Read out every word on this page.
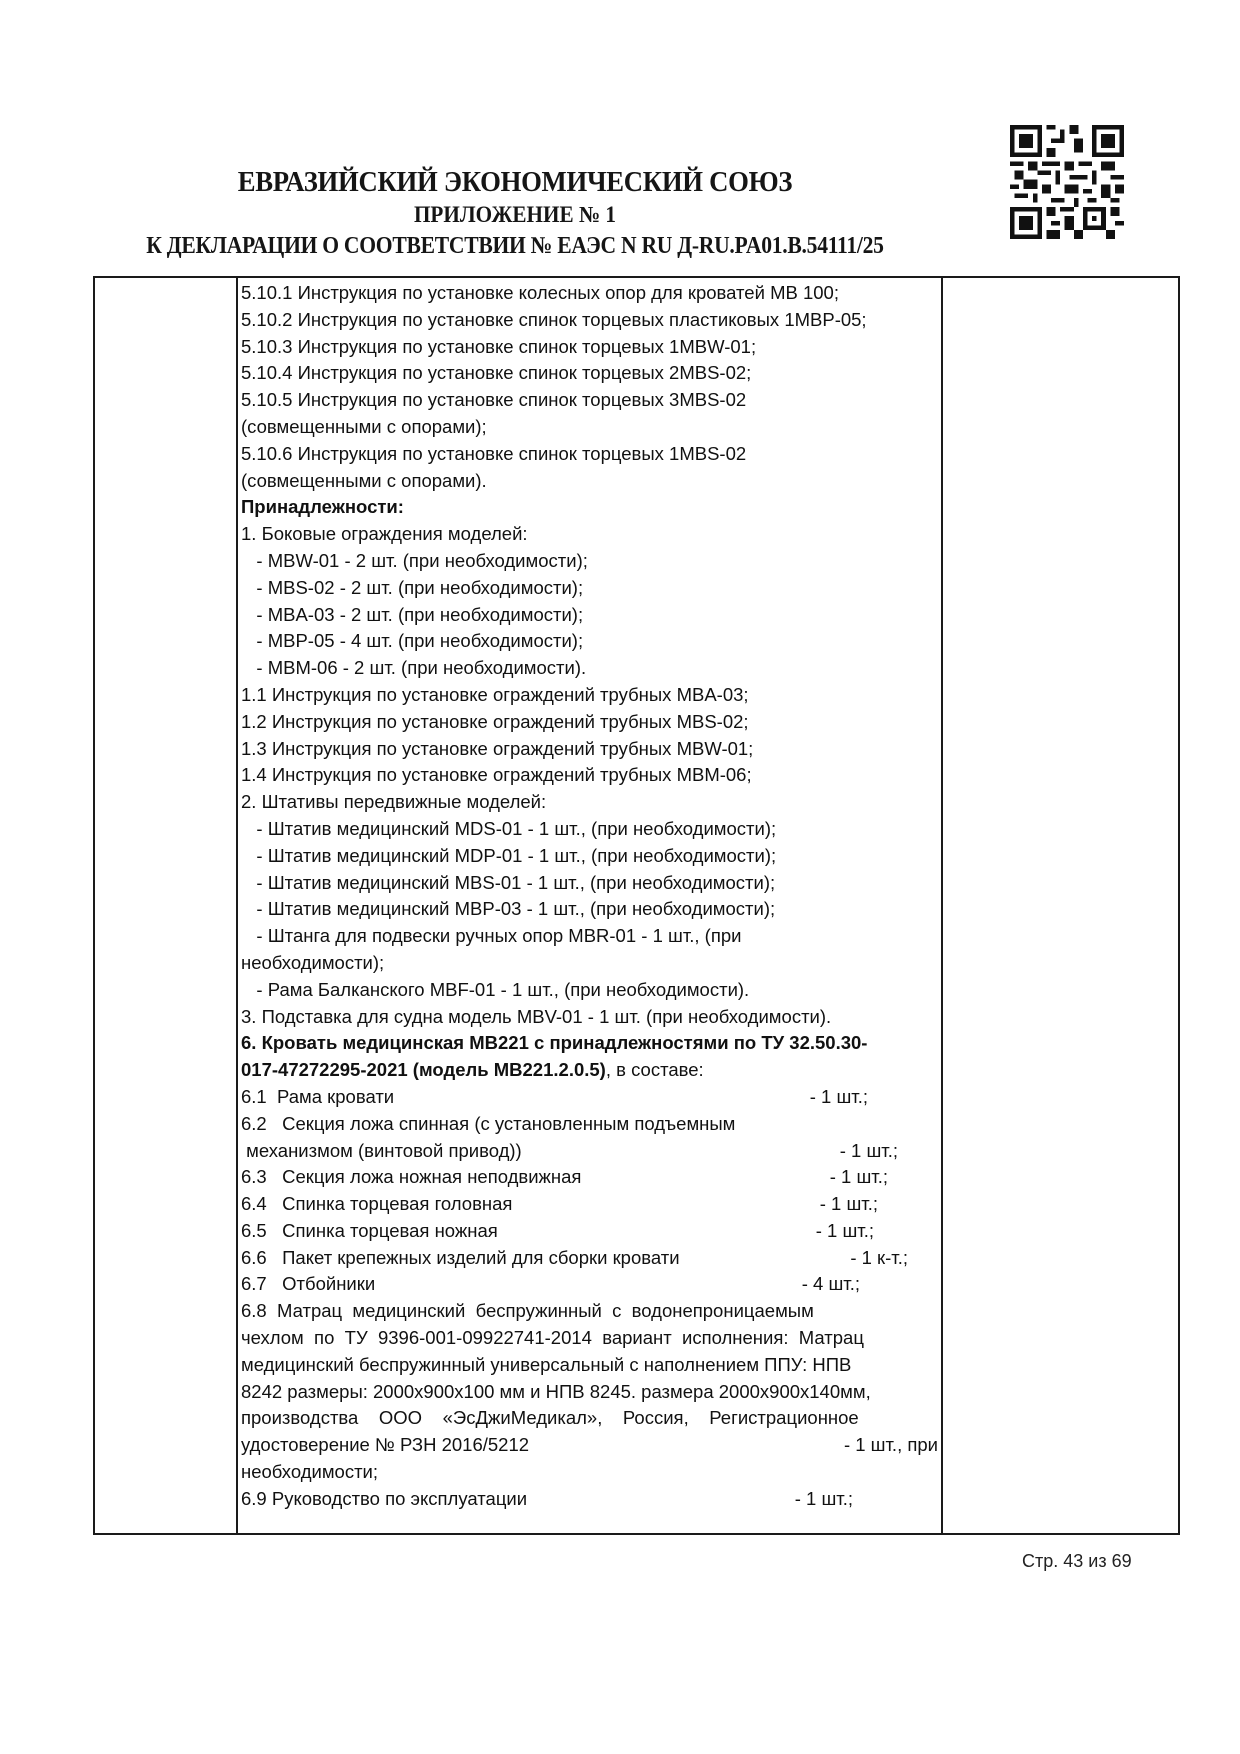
ЕВРАЗИЙСКИЙ ЭКОНОМИЧЕСКИЙ СОЮЗ
ПРИЛОЖЕНИЕ № 1
К ДЕКЛАРАЦИИ О СООТВЕТСТВИИ № ЕАЭС N RU Д-RU.PA01.B.54111/25
5.10.1 Инструкция по установке колесных опор для кроватей MB 100;
5.10.2 Инструкция по установке спинок торцевых пластиковых 1MBP-05;
5.10.3 Инструкция по установке спинок торцевых 1MBW-01;
5.10.4 Инструкция по установке спинок торцевых 2MBS-02;
5.10.5 Инструкция по установке спинок торцевых 3MBS-02
(совмещенными с опорами);
5.10.6 Инструкция по установке спинок торцевых 1MBS-02
(совмещенными с опорами).
Принадлежности:
1. Боковые ограждения моделей:
- MBW-01 - 2 шт. (при необходимости);
- MBS-02 - 2 шт. (при необходимости);
- MBA-03 - 2 шт. (при необходимости);
- MBP-05 - 4 шт. (при необходимости);
- MBM-06 - 2 шт. (при необходимости).
1.1 Инструкция по установке ограждений трубных MBA-03;
1.2 Инструкция по установке ограждений трубных MBS-02;
1.3 Инструкция по установке ограждений трубных MBW-01;
1.4 Инструкция по установке ограждений трубных MBM-06;
2. Штативы передвижные моделей:
- Штатив медицинский MDS-01 - 1 шт., (при необходимости);
- Штатив медицинский MDP-01 - 1 шт., (при необходимости);
- Штатив медицинский MBS-01 - 1 шт., (при необходимости);
- Штатив медицинский MBP-03 - 1 шт., (при необходимости);
- Штанга для подвески ручных опор MBR-01 - 1 шт., (при
необходимости);
- Рама Балканского MBF-01 - 1 шт., (при необходимости).
3. Подставка для судна модель MBV-01 - 1 шт. (при необходимости).
6. Кровать медицинская MB221 с принадлежностями по ТУ 32.50.30-
017-47272295-2021 (модель MB221.2.0.5), в составе:
6.1  Рама кровати	- 1 шт.;
6.2   Секция ложа спинная (с установленным подъемным
механизмом (винтовой привод))	- 1 шт.;
6.3   Секция ложа ножная неподвижная	- 1 шт.;
6.4   Спинка торцевая головная	- 1 шт.;
6.5   Спинка торцевая ножная	- 1 шт.;
6.6   Пакет крепежных изделий для сборки кровати	- 1 к-т.;
6.7   Отбойники	- 4 шт.;
6.8  Матрац  медицинский  беспружинный  с  водонепроницаемым
чехлом  по  ТУ  9396-001-09922741-2014  вариант  исполнения:  Матрац
медицинский беспружинный универсальный с наполнением ППУ: НПВ
8242 размеры: 2000x900x100 мм и НПВ 8245. размера 2000x900x140мм,
производства    ООО    «ЭсДжиМедикал»,    Россия,    Регистрационное
удостоверение № РЗН 2016/5212	- 1 шт., при
необходимости;
6.9 Руководство по эксплуатации	- 1 шт.;
Стр. 43 из 69
